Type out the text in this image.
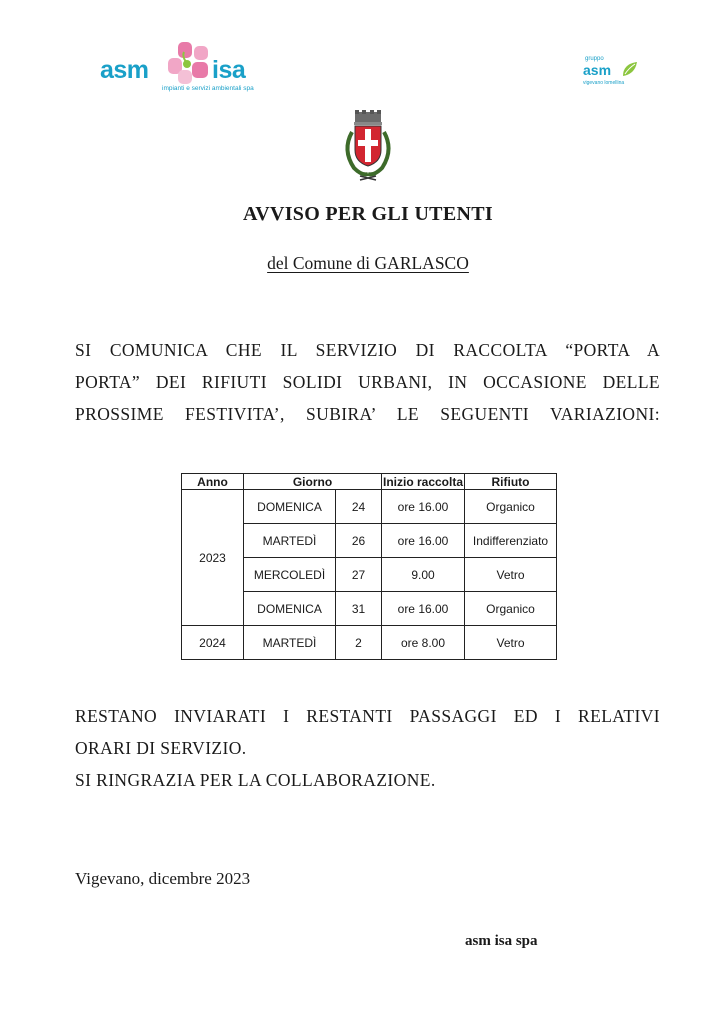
asm	isa
impianti e servizi ambientali spa
gruppo
asm
vigevano lomellina
AVVISO PER GLI UTENTI
del Comune di GARLASCO
SI COMUNICA CHE IL SERVIZIO DI RACCOLTA “PORTA A
PORTA” DEI RIFIUTI SOLIDI URBANI, IN OCCASIONE DELLE
PROSSIME FESTIVITA’, SUBIRA’ LE SEGUENTI VARIAZIONI:
Anno	Giorno		Inizio raccolta	Rifiuto
2023	DOMENICA	24	ore 16.00	Organico
	MARTEDÌ	26	ore 16.00	Indifferenziato
	MERCOLEDÌ	27	9.00	Vetro
	DOMENICA	31	ore 16.00	Organico
2024	MARTEDÌ	2	ore 8.00	Vetro
RESTANO INVIARATI I RESTANTI PASSAGGI ED I RELATIVI
ORARI DI SERVIZIO.
SI RINGRAZIA PER LA COLLABORAZIONE.
Vigevano, dicembre 2023
asm isa spa
